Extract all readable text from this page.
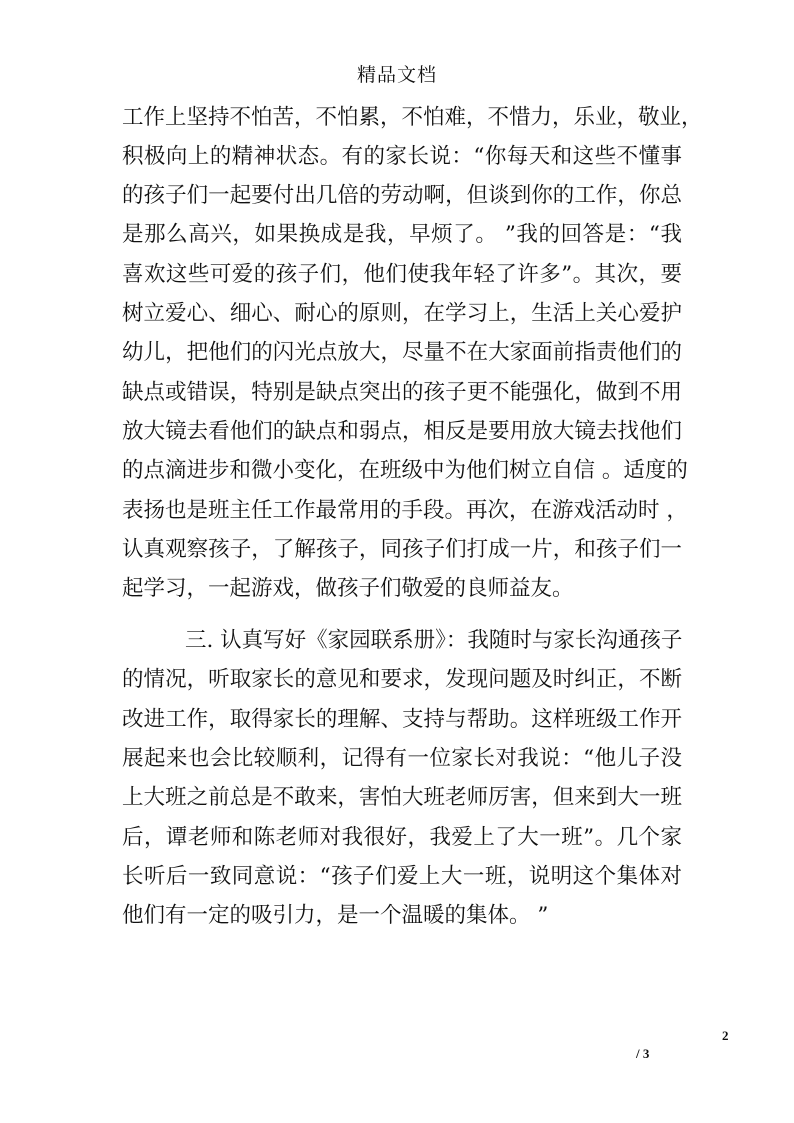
精品文档
工作上坚持不怕苦，不怕累，不怕难，不惜力，乐业，敬业，
积极向上的精神状态。有的家长说：“你每天和这些不懂事
的孩子们一起要付出几倍的劳动啊，但谈到你的工作，你总
是那么高兴，如果换成是我，早烦了。 ”我的回答是：“我
喜欢这些可爱的孩子们，他们使我年轻了许多”。其次，要
树立爱心、细心、耐心的原则，在学习上，生活上关心爱护
幼儿，把他们的闪光点放大，尽量不在大家面前指责他们的
缺点或错误，特别是缺点突出的孩子更不能强化，做到不用
放大镜去看他们的缺点和弱点，相反是要用放大镜去找他们
的点滴进步和微小变化，在班级中为他们树立自信 。适度的
表扬也是班主任工作最常用的手段。再次，在游戏活动时 ，
认真观察孩子，了解孩子，同孩子们打成一片，和孩子们一
起学习，一起游戏，做孩子们敬爱的良师益友。
三. 认真写好《家园联系册》：我随时与家长沟通孩子
的情况，听取家长的意见和要求，发现问题及时纠正，不断
改进工作，取得家长的理解、支持与帮助。这样班级工作开
展起来也会比较顺利，记得有一位家长对我说：“他儿子没
上大班之前总是不敢来，害怕大班老师厉害，但来到大一班
后，谭老师和陈老师对我很好，我爱上了大一班”。几个家
长听后一致同意说：“孩子们爱上大一班，说明这个集体对
他们有一定的吸引力，是一个温暖的集体。 ”
2
/ 3
